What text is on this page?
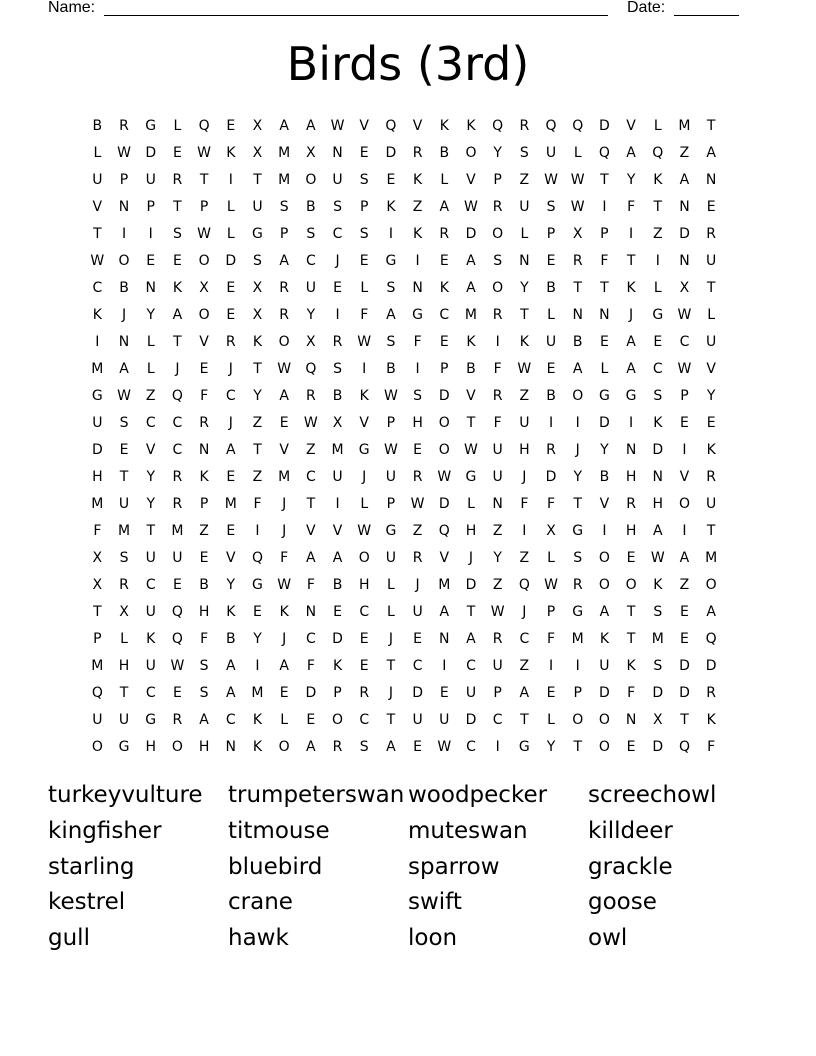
Name:	Date:
Birds (3rd)
B	R	G	L	Q	E	X	A	A	W	V	Q	V	K	K	Q	R	Q	Q	D	V	L	M	T
L	W	D	E	W	K	X	M	X	N	E	D	R	B	O	Y	S	U	L	Q	A	Q	Z	A
U	P	U	R	T	I	T	M	O	U	S	E	K	L	V	P	Z	W W	T	Y	K	A	N
V	N	P	T	P	L	U	S	B	S	P	K	Z	A	W	R	U	S	W	I	F	T	N	E
T	I	I	S	W	L	G	P	S	C	S	I	K	R	D	O	L	P	X	P	I	Z	D	R
W	O	E	E	O	D	S	A	C	J	E	G	I	E	A	S	N	E	R	F	T	I	N	U
C	B	N	K	X	E	X	R	U	E	L	S	N	K	A	O	Y	B	T	T	K	L	X	T
K	J	Y	A	O	E	X	R	Y	I	F	A	G	C	M	R	T	L	N	N	J	G	W	L
I	N	L	T	V	R	K	O	X	R	W	S	F	E	K	I	K	U	B	E	A	E	C	U
M	A	L	J	E	J	T	W	Q	S	I	B	I	P	B	F	W	E	A	L	A	C	W	V
G	W	Z	Q	F	C	Y	A	R	B	K	W	S	D	V	R	Z	B	O	G	G	S	P	Y
U	S	C	C	R	J	Z	E	W	X	V	P	H	O	T	F	U	I	I	D	I	K	E	E
D	E	V	C	N	A	T	V	Z	M	G	W	E	O	W	U	H	R	J	Y	N	D	I	K
H	T	Y	R	K	E	Z	M	C	U	J	U	R	W	G	U	J	D	Y	B	H	N	V	R
M	U	Y	R	P	M	F	J	T	I	L	P	W	D	L	N	F	F	T	V	R	H	O	U
F	M	T	M	Z	E	I	J	V	V	W	G	Z	Q	H	Z	I	X	G	I	H	A	I	T
X	S	U	U	E	V	Q	F	A	A	O	U	R	V	J	Y	Z	L	S	O	E	W	A	M
X	R	C	E	B	Y	G	W	F	B	H	L	J	M	D	Z	Q	W	R	O	O	K	Z	O
T	X	U	Q	H	K	E	K	N	E	C	L	U	A	T	W	J	P	G	A	T	S	E	A
P	L	K	Q	F	B	Y	J	C	D	E	J	E	N	A	R	C	F	M	K	T	M	E	Q
M	H	U	W	S	A	I	A	F	K	E	T	C	I	C	U	Z	I	I	U	K	S	D	D
Q	T	C	E	S	A	M	E	D	P	R	J	D	E	U	P	A	E	P	D	F	D	D	R
U	U	G	R	A	C	K	L	E	O	C	T	U	U	D	C	T	L	O	O	N	X	T	K
O	G	H	O	H	N	K	O	A	R	S	A	E	W	C	I	G	Y	T	O	E	D	Q	F
turkeyvulture	trumpeterswan woodpecker	screechowl
kingfisher	titmouse	muteswan	killdeer
starling	bluebird	sparrow	grackle
kestrel	crane	swift	goose
gull	hawk	loon	owl
